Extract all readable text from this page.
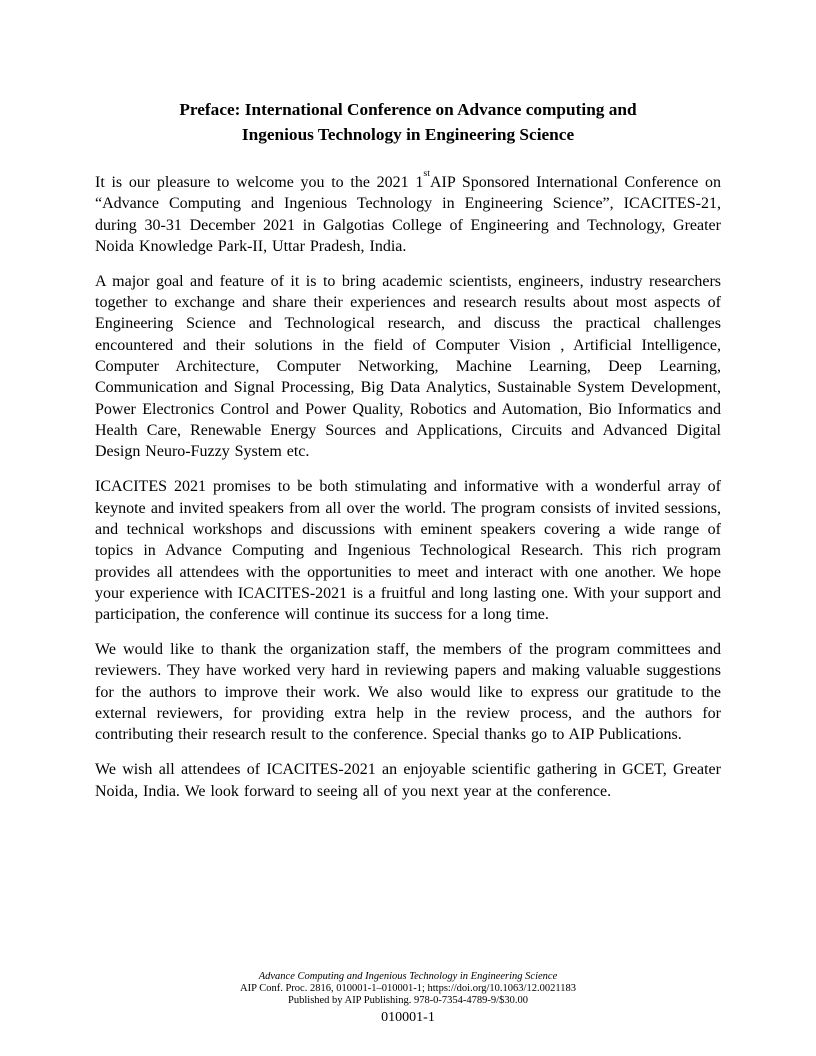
Preface: International Conference on Advance computing and
Ingenious Technology in Engineering Science

It is our pleasure to welcome you to the 2021 1stAIP Sponsored International Conference on “Advance Computing and Ingenious Technology in Engineering Science”, ICACITES-21, during 30-31 December 2021 in Galgotias College of Engineering and Technology, Greater Noida Knowledge Park-II, Uttar Pradesh, India.

A major goal and feature of it is to bring academic scientists, engineers, industry researchers together to exchange and share their experiences and research results about most aspects of Engineering Science and Technological research, and discuss the practical challenges encountered and their solutions in the field of Computer Vision , Artificial Intelligence, Computer Architecture, Computer Networking, Machine Learning, Deep Learning, Communication and Signal Processing, Big Data Analytics, Sustainable System Development, Power Electronics Control and Power Quality, Robotics and Automation, Bio Informatics and Health Care, Renewable Energy Sources and Applications, Circuits and Advanced Digital Design Neuro-Fuzzy System etc.

ICACITES 2021 promises to be both stimulating and informative with a wonderful array of keynote and invited speakers from all over the world. The program consists of invited sessions, and technical workshops and discussions with eminent speakers covering a wide range of topics in Advance Computing and Ingenious Technological Research. This rich program provides all attendees with the opportunities to meet and interact with one another. We hope your experience with ICACITES-2021 is a fruitful and long lasting one. With your support and participation, the conference will continue its success for a long time.

We would like to thank the organization staff, the members of the program committees and reviewers. They have worked very hard in reviewing papers and making valuable suggestions for the authors to improve their work. We also would like to express our gratitude to the external reviewers, for providing extra help in the review process, and the authors for contributing their research result to the conference. Special thanks go to AIP Publications.

We wish all attendees of ICACITES-2021 an enjoyable scientific gathering in GCET, Greater Noida, India. We look forward to seeing all of you next year at the conference.

Advance Computing and Ingenious Technology in Engineering Science
AIP Conf. Proc. 2816, 010001-1–010001-1; https://doi.org/10.1063/12.0021183
Published by AIP Publishing. 978-0-7354-4789-9/$30.00
010001-1
